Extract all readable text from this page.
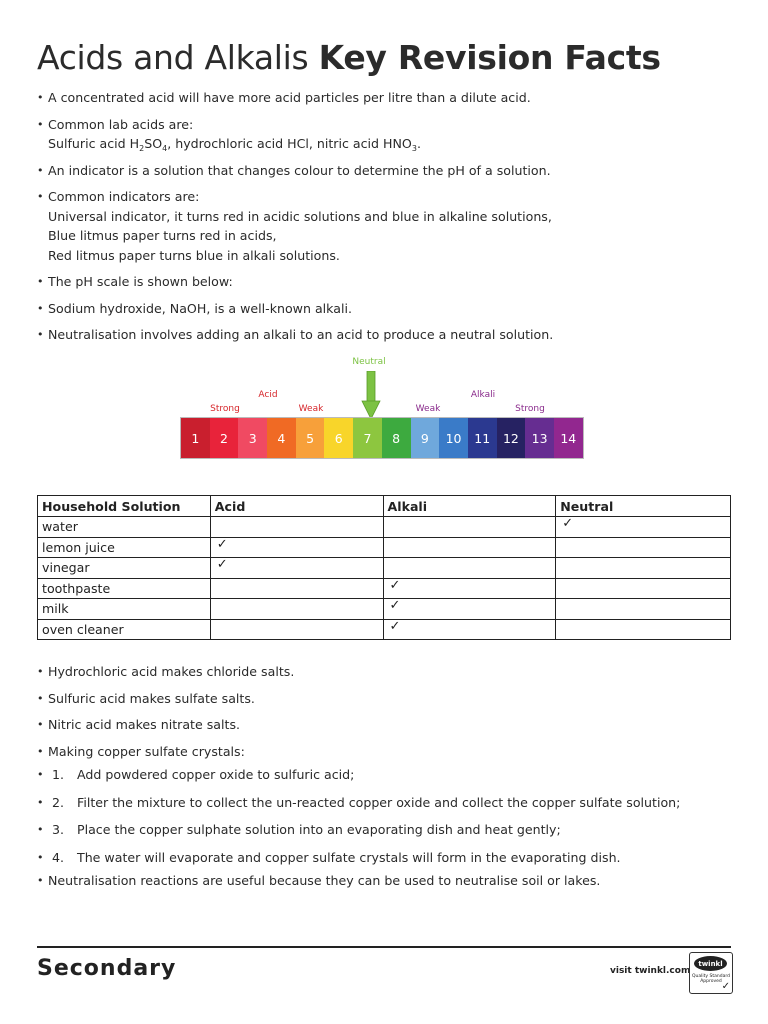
Acids and Alkalis Key Revision Facts
• A concentrated acid will have more acid particles per litre than a dilute acid.
• Common lab acids are:
Sulfuric acid $H_2SO_4$, hydrochloric acid HCl, nitric acid $HNO_3$.
• An indicator is a solution that changes colour to determine the pH of a solution.
• Common indicators are:
Universal indicator, it turns red in acidic solutions and blue in alkaline solutions,
Blue litmus paper turns red in acids,
Red litmus paper turns blue in alkali solutions.
• The pH scale is shown below:
• Sodium hydroxide, NaOH, is a well-known alkali.
• Neutralisation involves adding an alkali to an acid to produce a neutral solution.
Neutral
Acid
Strong	Weak
Alkali
Weak	Strong
1	2	3	4	5	6	7	8	9	10	11	12	13	14
Household Solution	Acid	Alkali	Neutral
water			✓
lemon juice	✓		
vinegar	✓		
toothpaste		✓	
milk		✓	
oven cleaner		✓	
• Hydrochloric acid makes chloride salts.
• Sulfuric acid makes sulfate salts.
• Nitric acid makes nitrate salts.
• Making copper sulfate crystals:
• 1. Add powdered copper oxide to sulfuric acid;
• 2. Filter the mixture to collect the un-reacted copper oxide and collect the copper sulfate solution;
• 3. Place the copper sulphate solution into an evaporating dish and heat gently;
• 4. The water will evaporate and copper sulfate crystals will form in the evaporating dish.
• Neutralisation reactions are useful because they can be used to neutralise soil or lakes.
Secondary	visit twinkl.com
twinkl
Quality Standard Approved ✓
